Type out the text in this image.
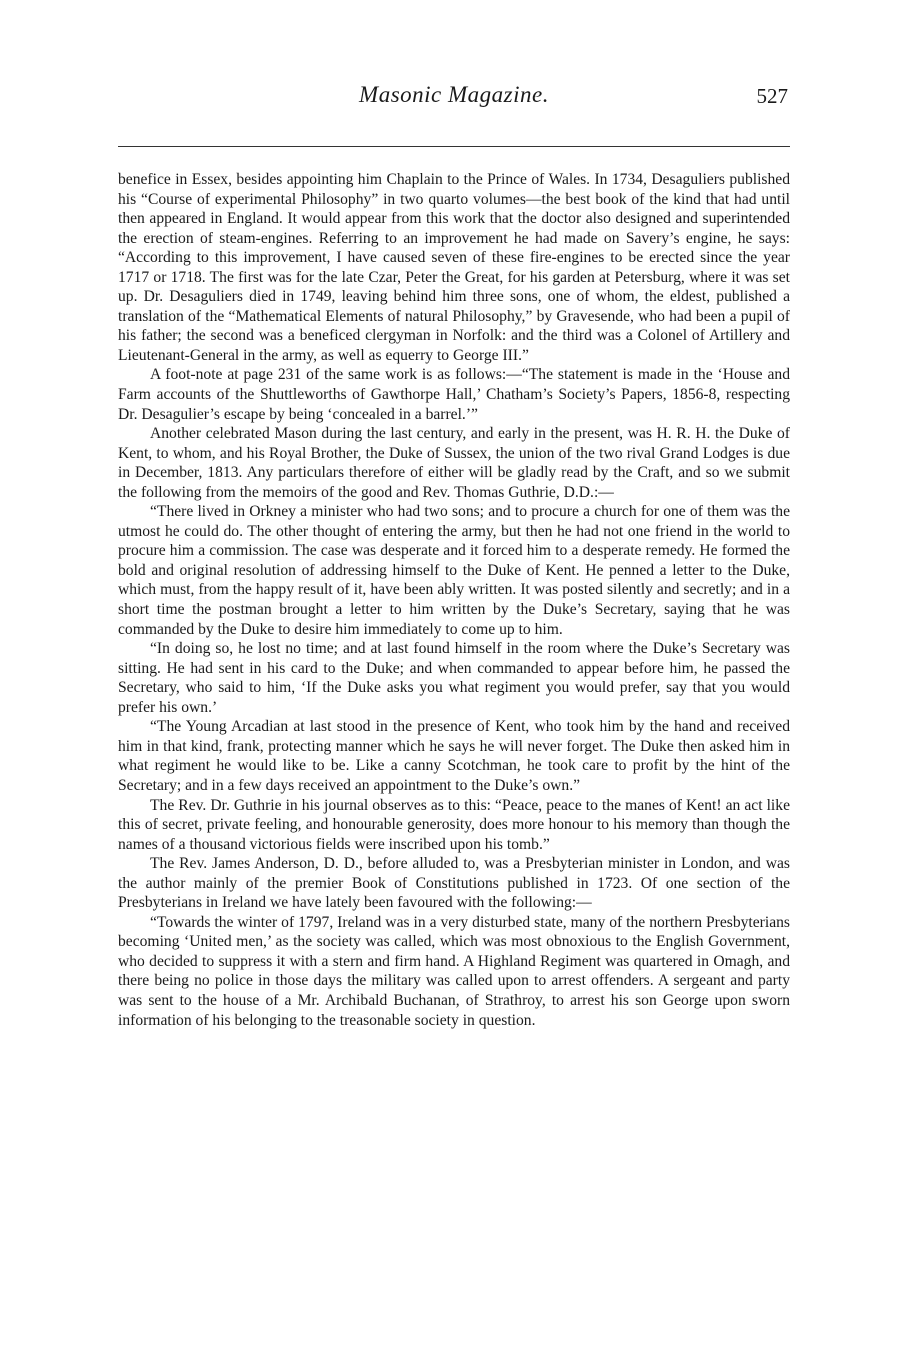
Masonic Magazine.	527

benefice in Essex, besides appointing him Chaplain to the Prince of Wales. In 1734, Desaguliers published his “Course of experimental Philosophy” in two quarto volumes—the best book of the kind that had until then appeared in England. It would appear from this work that the doctor also designed and superintended the erection of steam-engines. Referring to an improvement he had made on Savery’s engine, he says: “According to this improvement, I have caused seven of these fire-engines to be erected since the year 1717 or 1718. The first was for the late Czar, Peter the Great, for his garden at Petersburg, where it was set up. Dr. Desaguliers died in 1749, leaving behind him three sons, one of whom, the eldest, published a translation of the “Mathematical Elements of natural Philosophy,” by Gravesende, who had been a pupil of his father; the second was a beneficed clergyman in Norfolk: and the third was a Colonel of Artillery and Lieutenant-General in the army, as well as equerry to George III.”

A foot-note at page 231 of the same work is as follows:—“The statement is made in the ‘House and Farm accounts of the Shuttleworths of Gawthorpe Hall,’ Chatham’s Society’s Papers, 1856-8, respecting Dr. Desagulier’s escape by being ‘concealed in a barrel.’”

Another celebrated Mason during the last century, and early in the present, was H. R. H. the Duke of Kent, to whom, and his Royal Brother, the Duke of Sussex, the union of the two rival Grand Lodges is due in December, 1813. Any particulars therefore of either will be gladly read by the Craft, and so we submit the following from the memoirs of the good and Rev. Thomas Guthrie, D.D.:—

“There lived in Orkney a minister who had two sons; and to procure a church for one of them was the utmost he could do. The other thought of entering the army, but then he had not one friend in the world to procure him a commission. The case was desperate and it forced him to a desperate remedy. He formed the bold and original resolution of addressing himself to the Duke of Kent. He penned a letter to the Duke, which must, from the happy result of it, have been ably written. It was posted silently and secretly; and in a short time the postman brought a letter to him written by the Duke’s Secretary, saying that he was commanded by the Duke to desire him immediately to come up to him.

“In doing so, he lost no time; and at last found himself in the room where the Duke’s Secretary was sitting. He had sent in his card to the Duke; and when commanded to appear before him, he passed the Secretary, who said to him, ‘If the Duke asks you what regiment you would prefer, say that you would prefer his own.’

“The Young Arcadian at last stood in the presence of Kent, who took him by the hand and received him in that kind, frank, protecting manner which he says he will never forget. The Duke then asked him in what regiment he would like to be. Like a canny Scotchman, he took care to profit by the hint of the Secretary; and in a few days received an appointment to the Duke’s own.”

The Rev. Dr. Guthrie in his journal observes as to this: “Peace, peace to the manes of Kent! an act like this of secret, private feeling, and honourable generosity, does more honour to his memory than though the names of a thousand victorious fields were inscribed upon his tomb.”

The Rev. James Anderson, D. D., before alluded to, was a Presbyterian minister in London, and was the author mainly of the premier Book of Constitutions published in 1723. Of one section of the Presbyterians in Ireland we have lately been favoured with the following:—

“Towards the winter of 1797, Ireland was in a very disturbed state, many of the northern Presbyterians becoming ‘United men,’ as the society was called, which was most obnoxious to the English Government, who decided to suppress it with a stern and firm hand. A Highland Regiment was quartered in Omagh, and there being no police in those days the military was called upon to arrest offenders. A sergeant and party was sent to the house of a Mr. Archibald Buchanan, of Strathroy, to arrest his son George upon sworn information of his belonging to the treasonable society in question.
